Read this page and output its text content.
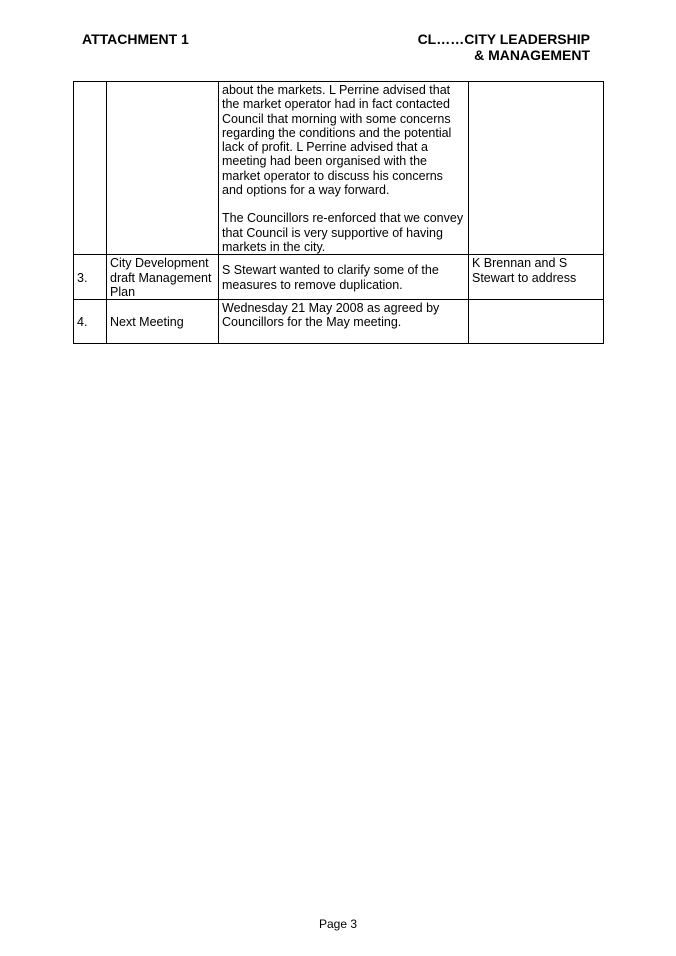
ATTACHMENT 1	CL……CITY LEADERSHIP
& MANAGEMENT

		about the markets. L Perrine advised that the market operator had in fact contacted Council that morning with some concerns regarding the conditions and the potential lack of profit. L Perrine advised that a meeting had been organised with the market operator to discuss his concerns and options for a way forward.
The Councillors re-enforced that we convey that Council is very supportive of having markets in the city.	

3.	City Development draft Management Plan	S Stewart wanted to clarify some of the measures to remove duplication.	K Brennan and S Stewart to address
4.	Next Meeting	Wednesday 21 May 2008 as agreed by Councillors for the May meeting.	
Page 3
